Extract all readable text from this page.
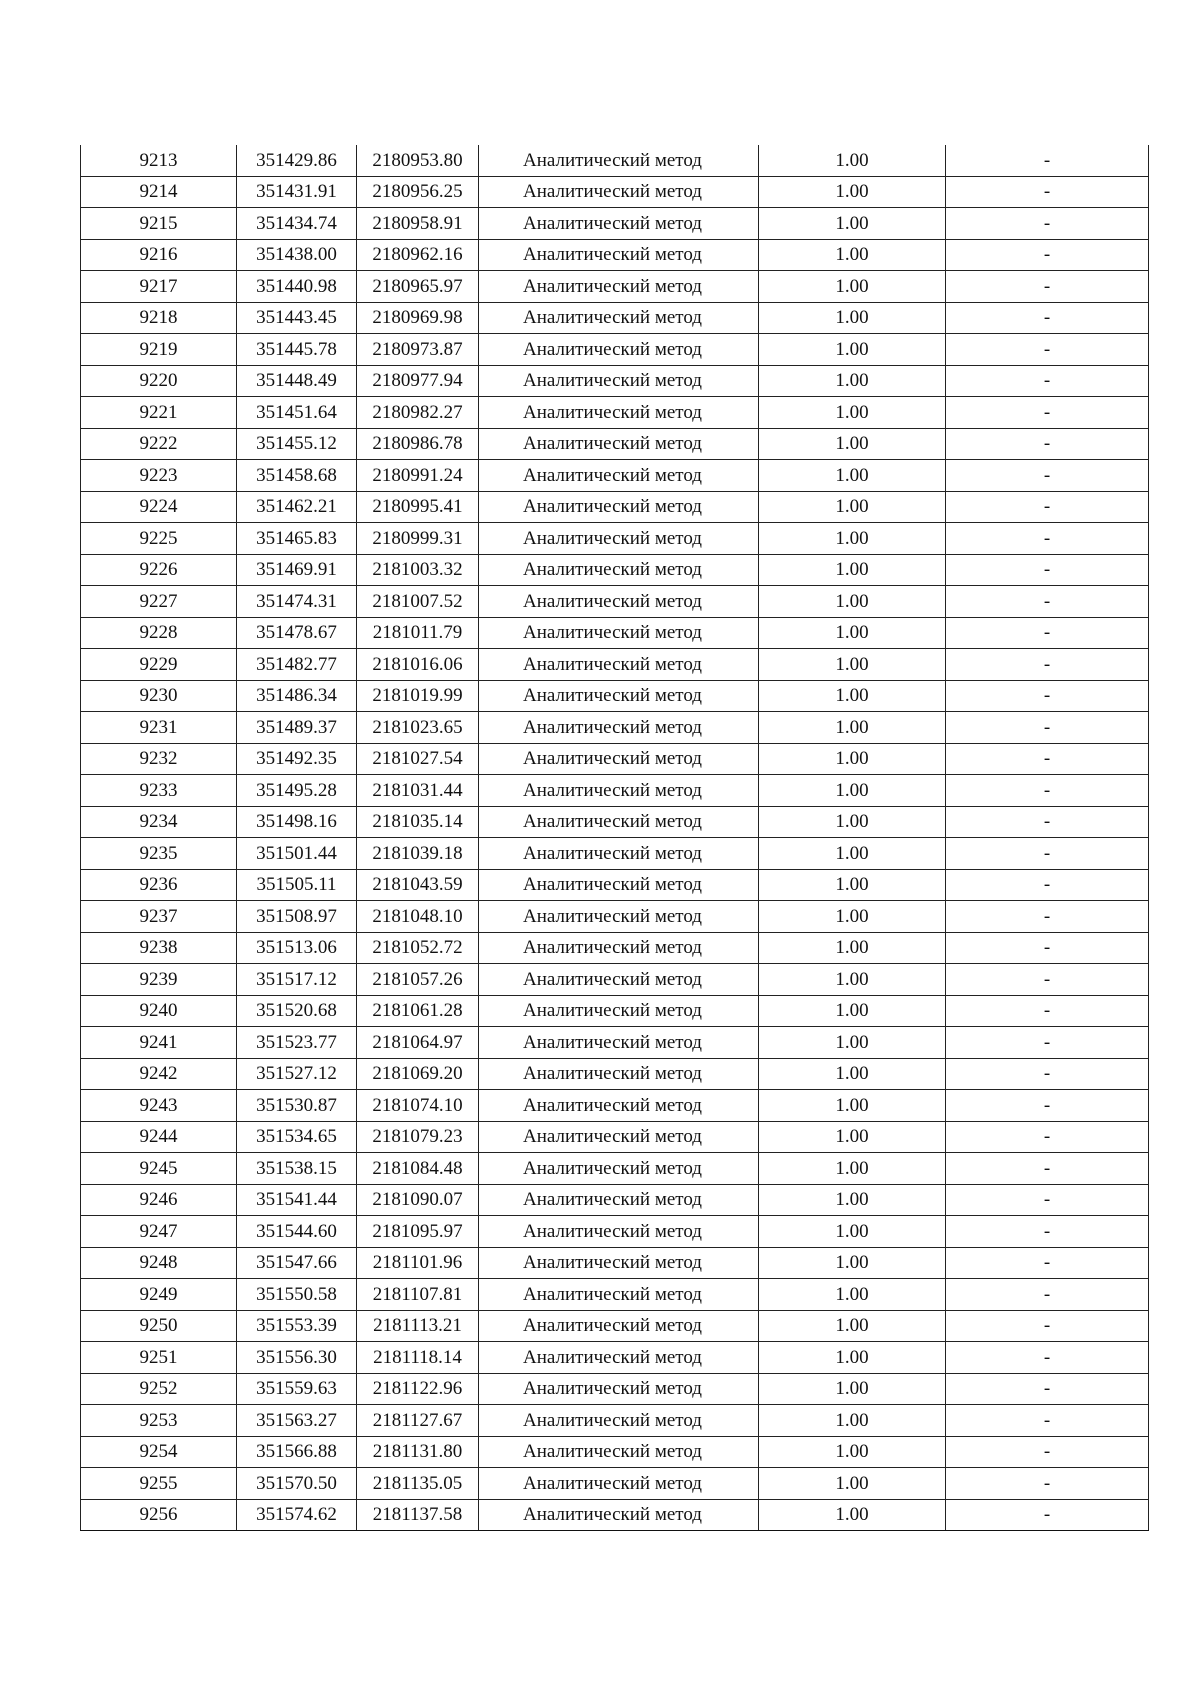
9213	351429.86	2180953.80	Аналитический метод	1.00	-
9214	351431.91	2180956.25	Аналитический метод	1.00	-
9215	351434.74	2180958.91	Аналитический метод	1.00	-
9216	351438.00	2180962.16	Аналитический метод	1.00	-
9217	351440.98	2180965.97	Аналитический метод	1.00	-
9218	351443.45	2180969.98	Аналитический метод	1.00	-
9219	351445.78	2180973.87	Аналитический метод	1.00	-
9220	351448.49	2180977.94	Аналитический метод	1.00	-
9221	351451.64	2180982.27	Аналитический метод	1.00	-
9222	351455.12	2180986.78	Аналитический метод	1.00	-
9223	351458.68	2180991.24	Аналитический метод	1.00	-
9224	351462.21	2180995.41	Аналитический метод	1.00	-
9225	351465.83	2180999.31	Аналитический метод	1.00	-
9226	351469.91	2181003.32	Аналитический метод	1.00	-
9227	351474.31	2181007.52	Аналитический метод	1.00	-
9228	351478.67	2181011.79	Аналитический метод	1.00	-
9229	351482.77	2181016.06	Аналитический метод	1.00	-
9230	351486.34	2181019.99	Аналитический метод	1.00	-
9231	351489.37	2181023.65	Аналитический метод	1.00	-
9232	351492.35	2181027.54	Аналитический метод	1.00	-
9233	351495.28	2181031.44	Аналитический метод	1.00	-
9234	351498.16	2181035.14	Аналитический метод	1.00	-
9235	351501.44	2181039.18	Аналитический метод	1.00	-
9236	351505.11	2181043.59	Аналитический метод	1.00	-
9237	351508.97	2181048.10	Аналитический метод	1.00	-
9238	351513.06	2181052.72	Аналитический метод	1.00	-
9239	351517.12	2181057.26	Аналитический метод	1.00	-
9240	351520.68	2181061.28	Аналитический метод	1.00	-
9241	351523.77	2181064.97	Аналитический метод	1.00	-
9242	351527.12	2181069.20	Аналитический метод	1.00	-
9243	351530.87	2181074.10	Аналитический метод	1.00	-
9244	351534.65	2181079.23	Аналитический метод	1.00	-
9245	351538.15	2181084.48	Аналитический метод	1.00	-
9246	351541.44	2181090.07	Аналитический метод	1.00	-
9247	351544.60	2181095.97	Аналитический метод	1.00	-
9248	351547.66	2181101.96	Аналитический метод	1.00	-
9249	351550.58	2181107.81	Аналитический метод	1.00	-
9250	351553.39	2181113.21	Аналитический метод	1.00	-
9251	351556.30	2181118.14	Аналитический метод	1.00	-
9252	351559.63	2181122.96	Аналитический метод	1.00	-
9253	351563.27	2181127.67	Аналитический метод	1.00	-
9254	351566.88	2181131.80	Аналитический метод	1.00	-
9255	351570.50	2181135.05	Аналитический метод	1.00	-
9256	351574.62	2181137.58	Аналитический метод	1.00	-
